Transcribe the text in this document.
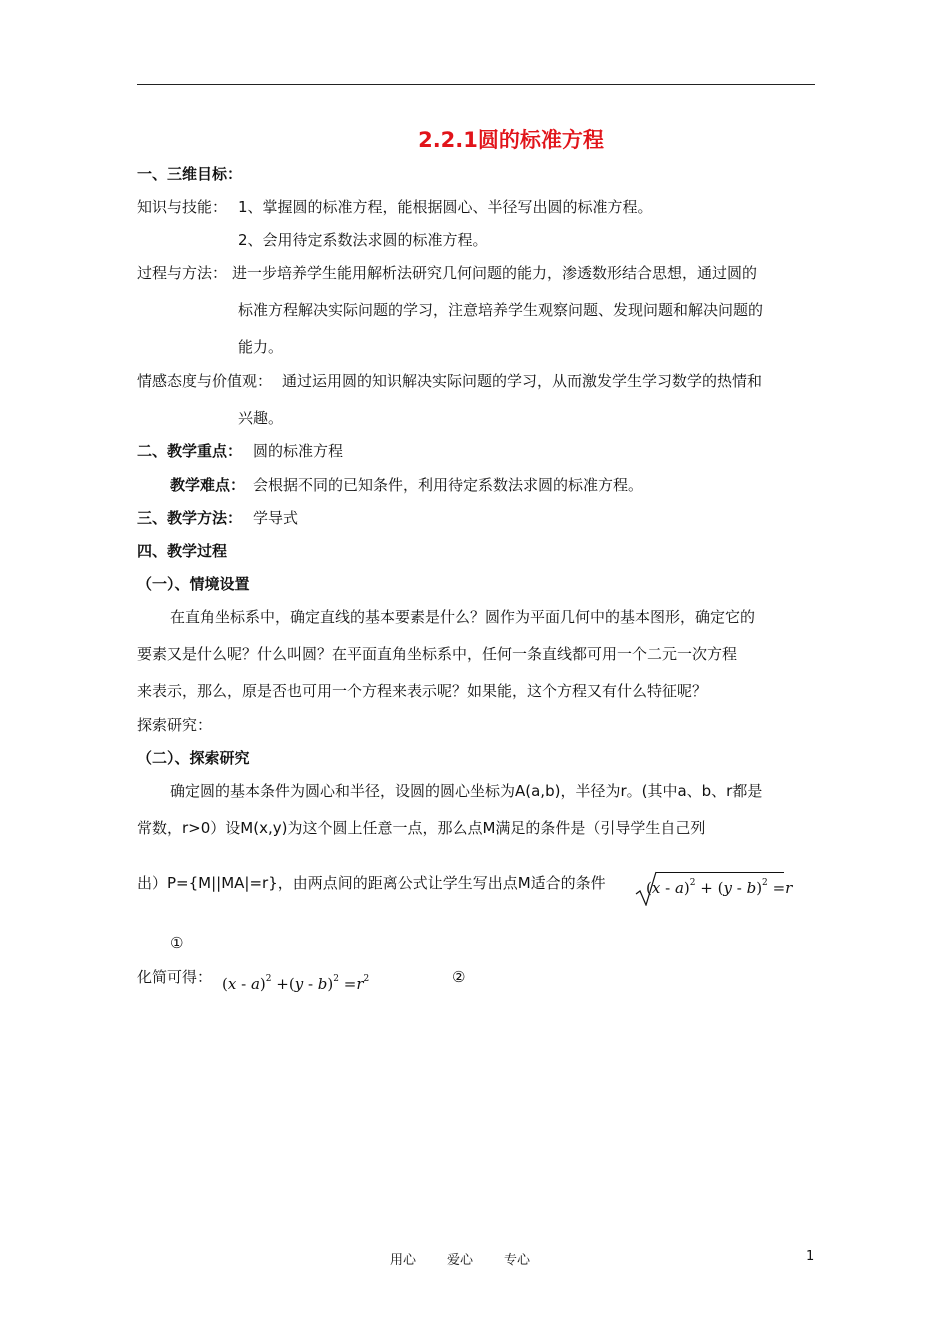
2.2.1圆的标准方程
一、三维目标：
知识与技能： 1、掌握圆的标准方程，能根据圆心、半径写出圆的标准方程。
2、会用待定系数法求圆的标准方程。
过程与方法： 进一步培养学生能用解析法研究几何问题的能力，渗透数形结合思想，通过圆的
标准方程解决实际问题的学习，注意培养学生观察问题、发现问题和解决问题的
能力。
情感态度与价值观： 通过运用圆的知识解决实际问题的学习，从而激发学生学习数学的热情和
兴趣。
二、教学重点： 圆的标准方程
教学难点： 会根据不同的已知条件，利用待定系数法求圆的标准方程。
三、教学方法： 学导式
四、教学过程
（一）、情境设置
在直角坐标系中，确定直线的基本要素是什么？圆作为平面几何中的基本图形，确定它的
要素又是什么呢？什么叫圆？在平面直角坐标系中，任何一条直线都可用一个二元一次方程
来表示，那么，原是否也可用一个方程来表示呢？如果能，这个方程又有什么特征呢？
探索研究：
（二）、探索研究
确定圆的基本条件为圆心和半径，设圆的圆心坐标为A(a,b)，半径为r。(其中a、b、r都是
常数，r>0）设M(x,y)为这个圆上任意一点，那么点M满足的条件是（引导学生自己列
出）P={M||MA|=r}，由两点间的距离公式让学生写出点M适合的条件	(x - a)$^2$ + (y - b)$^2$ =r
①
化简可得： $(x - a)^2 +(y - b)^2 =r^2$	②
用心 爱心 专心	1
